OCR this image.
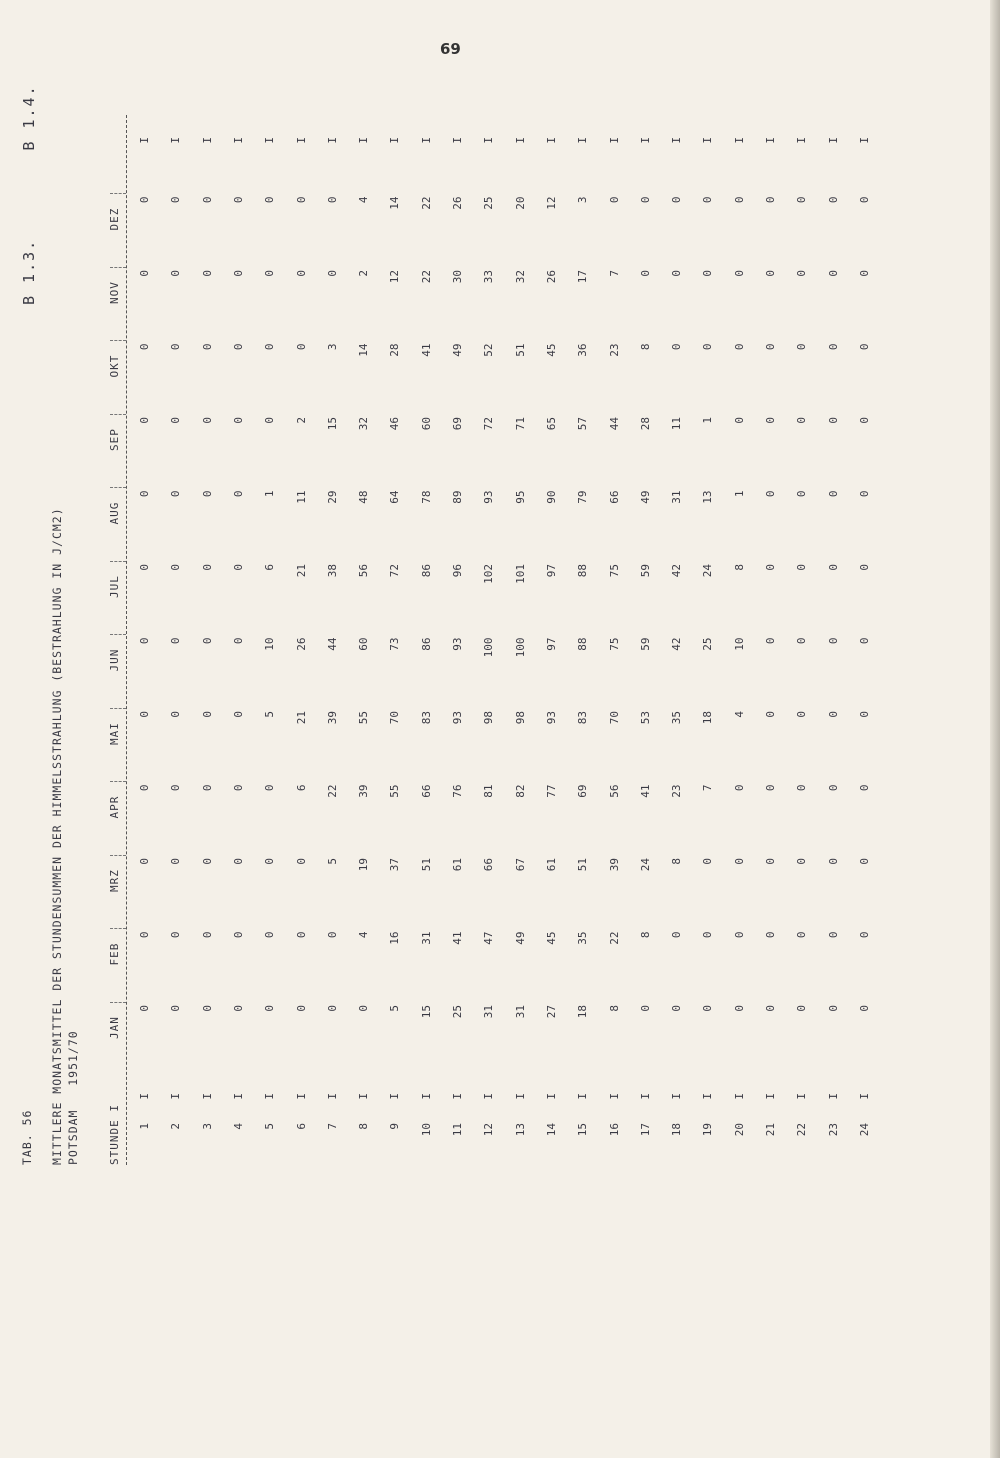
69
TAB. 56
B 1.3.        B 1.4.
MITTLERE MONATSMITTEL DER STUNDENSUMMEN DER HIMMELSSTRAHLUNG (BESTRAHLUNG IN J/CM2) POTSDAM   1951/70	STUNDE I
JAN
FEB
MRZ
APR
MAI
JUN
JUL
AUG
SEP
OKT
NOV
DEZ
1
I
I
2
I
I
3
I
I
4
I
I
5
I
I
6
I
I
7
I
I
8
I
I
9
I
I
10
I
I
11
I
I
12
I
I
13
I
I
14
I
I
15
I
I
16
I
I
17
I
I
18
I
I
19
I
I
20
I
I
21
I
I
22
I
I
23
I
I
24
I
I
0
0
0
0
0
0
0
0
0
0
0
0
0
0
0
0
0
0
0
0
0
0
0
0
0
0
0
0
0
0
0
0
0
0
0
0
0
0
0
0
0
0
0
0
0
0
0
0
0
0
0
0
5
10
6
1
0
0
0
0
0
0
0
6
21
26
21
11
2
0
0
0
0
0
5
22
39
44
38
29
15
3
0
0
0
4
19
39
55
60
56
48
32
14
2
4
5
16
37
55
70
73
72
64
46
28
12
14
15
31
51
66
83
86
86
78
60
41
22
22
25
41
61
76
93
93
96
89
69
49
30
26
31
47
66
81
98
100
102
93
72
52
33
25
31
49
67
82
98
100
101
95
71
51
32
20
27
45
61
77
93
97
97
90
65
45
26
12
18
35
51
69
83
88
88
79
57
36
17
3
8
22
39
56
70
75
75
66
44
23
7
0
0
8
24
41
53
59
59
49
28
8
0
0
0
0
8
23
35
42
42
31
11
0
0
0
0
0
0
7
18
25
24
13
1
0
0
0
0
0
0
0
4
10
8
1
0
0
0
0
0
0
0
0
0
0
0
0
0
0
0
0
0
0
0
0
0
0
0
0
0
0
0
0
0
0
0
0
0
0
0
0
0
0
0
0
0
0
0
0
0
0
0
0
0
0
0
0
